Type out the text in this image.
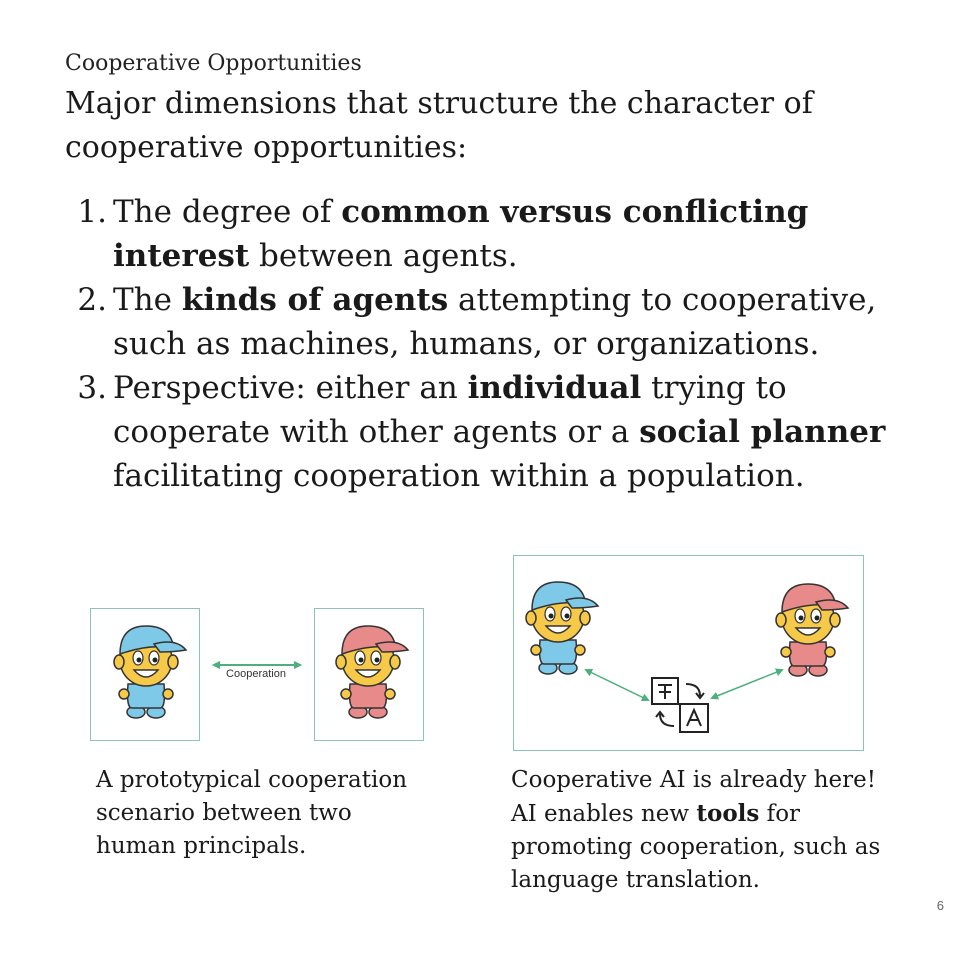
Cooperative Opportunities
Major dimensions that structure the character of cooperative opportunities:
1. The degree of common versus conflicting interest between agents.
2. The kinds of agents attempting to cooperative, such as machines, humans, or organizations.
3. Perspective: either an individual trying to cooperate with other agents or a social planner facilitating cooperation within a population.
Cooperation
A prototypical cooperation scenario between two human principals.
Cooperative AI is already here! AI enables new tools for promoting cooperation, such as language translation.
6
